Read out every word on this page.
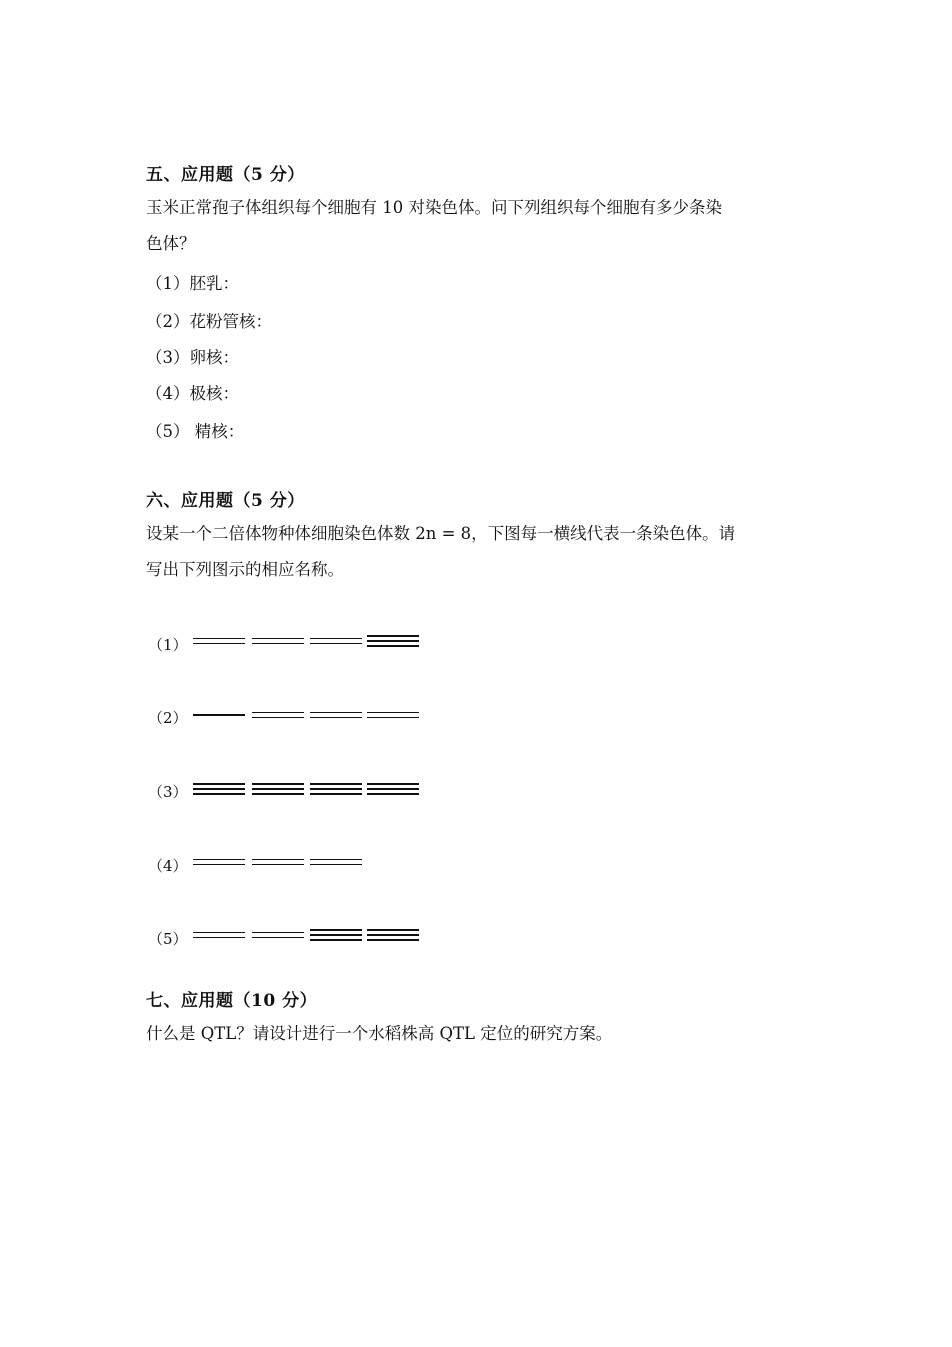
五、应用题（5 分）
玉米正常孢子体组织每个细胞有 10 对染色体。问下列组织每个细胞有多少条染
色体？
（1）胚乳：
（2）花粉管核：
（3）卵核：
（4）极核：
（5） 精核：
六、应用题（5 分）
设某一个二倍体物种体细胞染色体数 2n = 8，下图每一横线代表一条染色体。请
写出下列图示的相应名称。
（1）
（2）
（3）
（4）
（5）
七、应用题（10 分）
什么是 QTL？请设计进行一个水稻株高 QTL 定位的研究方案。
